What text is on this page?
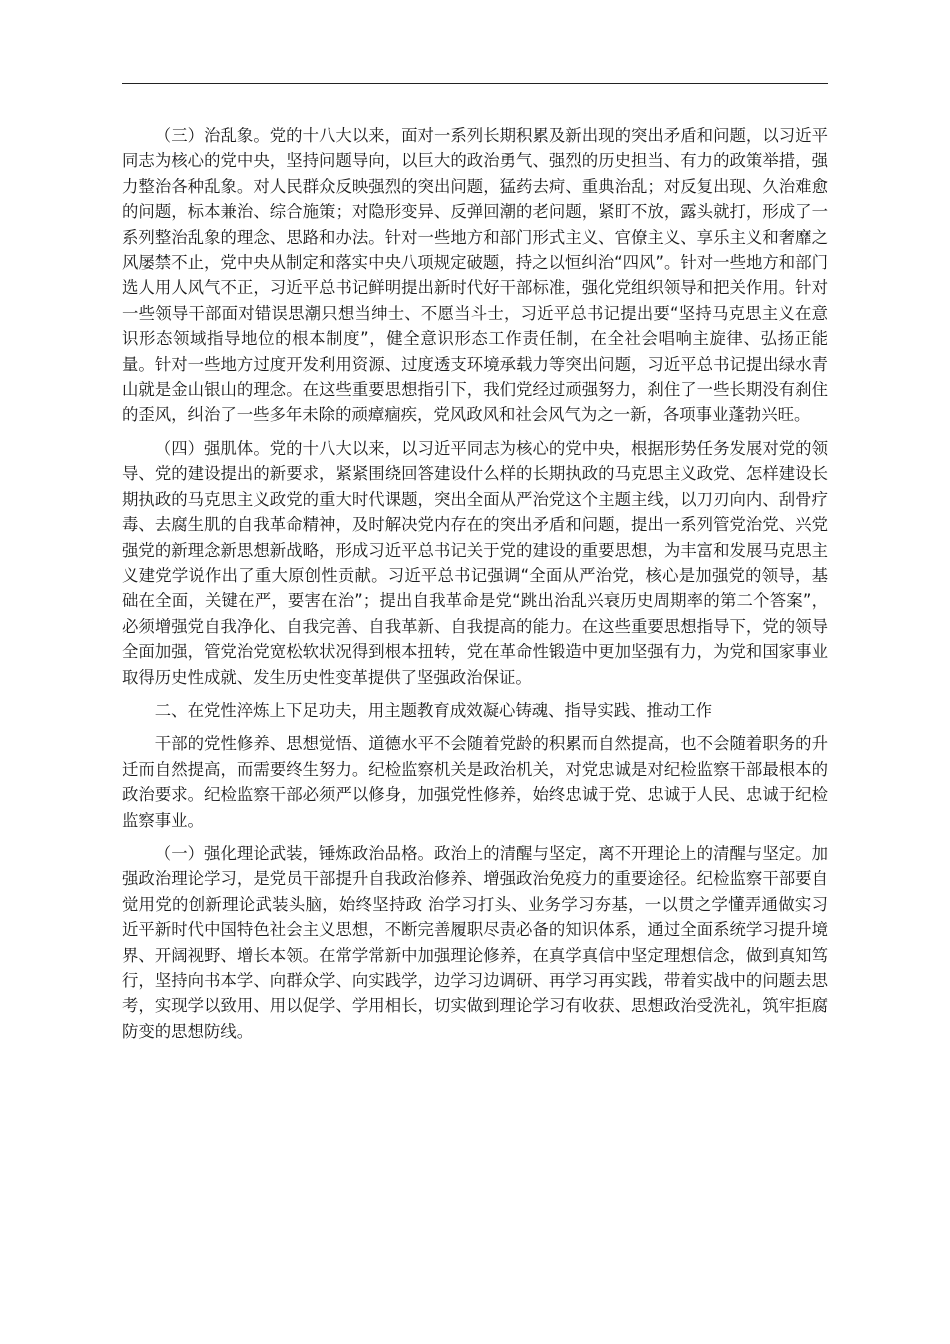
（三）治乱象。党的十八大以来，面对一系列长期积累及新出现的突出矛盾和问题，以习近平同志为核心的党中央，坚持问题导向，以巨大的政治勇气、强烈的历史担当、有力的政策举措，强力整治各种乱象。对人民群众反映强烈的突出问题，猛药去疴、重典治乱；对反复出现、久治难愈的问题，标本兼治、综合施策；对隐形变异、反弹回潮的老问题，紧盯不放，露头就打，形成了一系列整治乱象的理念、思路和办法。针对一些地方和部门形式主义、官僚主义、享乐主义和奢靡之风屡禁不止，党中央从制定和落实中央八项规定破题，持之以恒纠治“四风”。针对一些地方和部门选人用人风气不正，习近平总书记鲜明提出新时代好干部标准，强化党组织领导和把关作用。针对一些领导干部面对错误思潮只想当绅士、不愿当斗士，习近平总书记提出要“坚持马克思主义在意识形态领域指导地位的根本制度”，健全意识形态工作责任制，在全社会唱响主旋律、弘扬正能量。针对一些地方过度开发利用资源、过度透支环境承载力等突出问题，习近平总书记提出绿水青山就是金山银山的理念。在这些重要思想指引下，我们党经过顽强努力，刹住了一些长期没有刹住的歪风，纠治了一些多年未除的顽瘴痼疾，党风政风和社会风气为之一新，各项事业蓬勃兴旺。

（四）强肌体。党的十八大以来，以习近平同志为核心的党中央，根据形势任务发展对党的领导、党的建设提出的新要求，紧紧围绕回答建设什么样的长期执政的马克思主义政党、怎样建设长期执政的马克思主义政党的重大时代课题，突出全面从严治党这个主题主线，以刀刃向内、刮骨疗毒、去腐生肌的自我革命精神，及时解决党内存在的突出矛盾和问题，提出一系列管党治党、兴党强党的新理念新思想新战略，形成习近平总书记关于党的建设的重要思想，为丰富和发展马克思主义建党学说作出了重大原创性贡献。习近平总书记强调“全面从严治党，核心是加强党的领导，基础在全面，关键在严，要害在治”；提出自我革命是党“跳出治乱兴衰历史周期率的第二个答案”，必须增强党自我净化、自我完善、自我革新、自我提高的能力。在这些重要思想指导下，党的领导全面加强，管党治党宽松软状况得到根本扭转，党在革命性锻造中更加坚强有力，为党和国家事业取得历史性成就、发生历史性变革提供了坚强政治保证。

二、在党性淬炼上下足功夫，用主题教育成效凝心铸魂、指导实践、推动工作

干部的党性修养、思想觉悟、道德水平不会随着党龄的积累而自然提高，也不会随着职务的升迁而自然提高，而需要终生努力。纪检监察机关是政治机关，对党忠诚是对纪检监察干部最根本的政治要求。纪检监察干部必须严以修身，加强党性修养，始终忠诚于党、忠诚于人民、忠诚于纪检监察事业。

（一）强化理论武装，锤炼政治品格。政治上的清醒与坚定，离不开理论上的清醒与坚定。加强政治理论学习，是党员干部提升自我政治修养、增强政治免疫力的重要途径。纪检监察干部要自觉用党的创新理论武装头脑，始终坚持政 治学习打头、业务学习夯基，一以贯之学懂弄通做实习近平新时代中国特色社会主义思想，不断完善履职尽责必备的知识体系，通过全面系统学习提升境界、开阔视野、增长本领。在常学常新中加强理论修养，在真学真信中坚定理想信念，做到真知笃行，坚持向书本学、向群众学、向实践学，边学习边调研、再学习再实践，带着实战中的问题去思考，实现学以致用、用以促学、学用相长，切实做到理论学习有收获、思想政治受洗礼，筑牢拒腐防变的思想防线。
